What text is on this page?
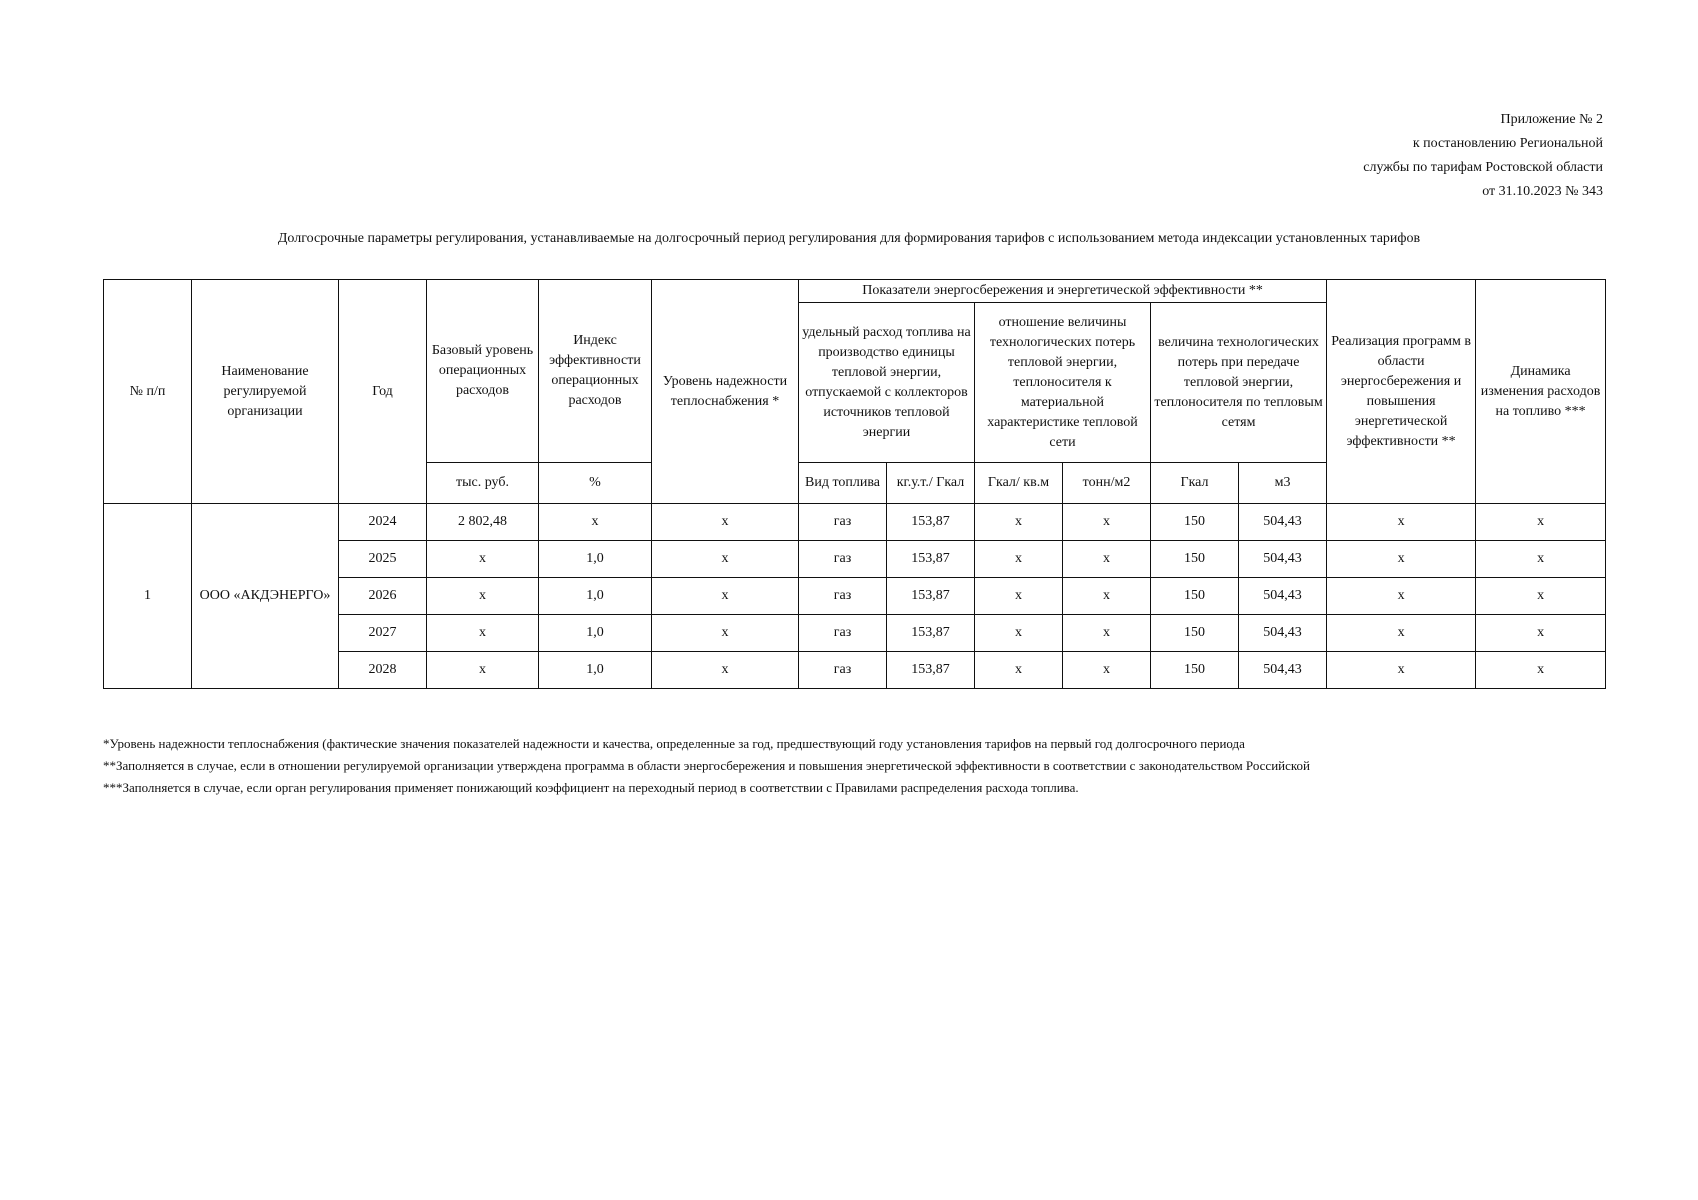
Приложение № 2
к постановлению Региональной
службы по тарифам Ростовской области
от 31.10.2023 № 343
Долгосрочные параметры регулирования, устанавливаемые на долгосрочный период регулирования для формирования тарифов с использованием метода индексации установленных тарифов
№ п/п	Наименование регулируемой организации	Год	Базовый уровень операционных расходов	Индекс эффективности операционных расходов	Уровень надежности теплоснабжения *	Показатели энергосбережения и энергетической эффективности **						Реализация программ в области энергосбережения и повышения энергетической эффективности **	Динамика изменения расходов на топливо ***
						удельный расход топлива на производство единицы тепловой энергии, отпускаемой с коллекторов источников тепловой энергии		отношение величины технологических потерь тепловой энергии, теплоносителя к материальной характеристике тепловой сети		величина технологических потерь при передаче тепловой энергии, теплоносителя по тепловым сетям			
			тыс. руб.	%		Вид топлива	кг.у.т./ Гкал	Гкал/ кв.м	тонн/м2	Гкал	м3		
1	ООО «АКДЭНЕРГО»	2024	2 802,48	x	x	газ	153,87	x	x	150	504,43	x	x
		2025	x	1,0	x	газ	153,87	x	x	150	504,43	x	x
		2026	x	1,0	x	газ	153,87	x	x	150	504,43	x	x
		2027	x	1,0	x	газ	153,87	x	x	150	504,43	x	x
		2028	x	1,0	x	газ	153,87	x	x	150	504,43	x	x
*Уровень надежности теплоснабжения (фактические значения показателей надежности и качества, определенные за год, предшествующий году установления тарифов на первый год долгосрочного периода
**Заполняется в случае, если в отношении регулируемой организации утверждена программа в области энергосбережения и повышения энергетической эффективности в соответствии с законодательством Российской
***Заполняется в случае, если орган регулирования применяет понижающий коэффициент на переходный период в соответствии с Правилами распределения расхода топлива.
